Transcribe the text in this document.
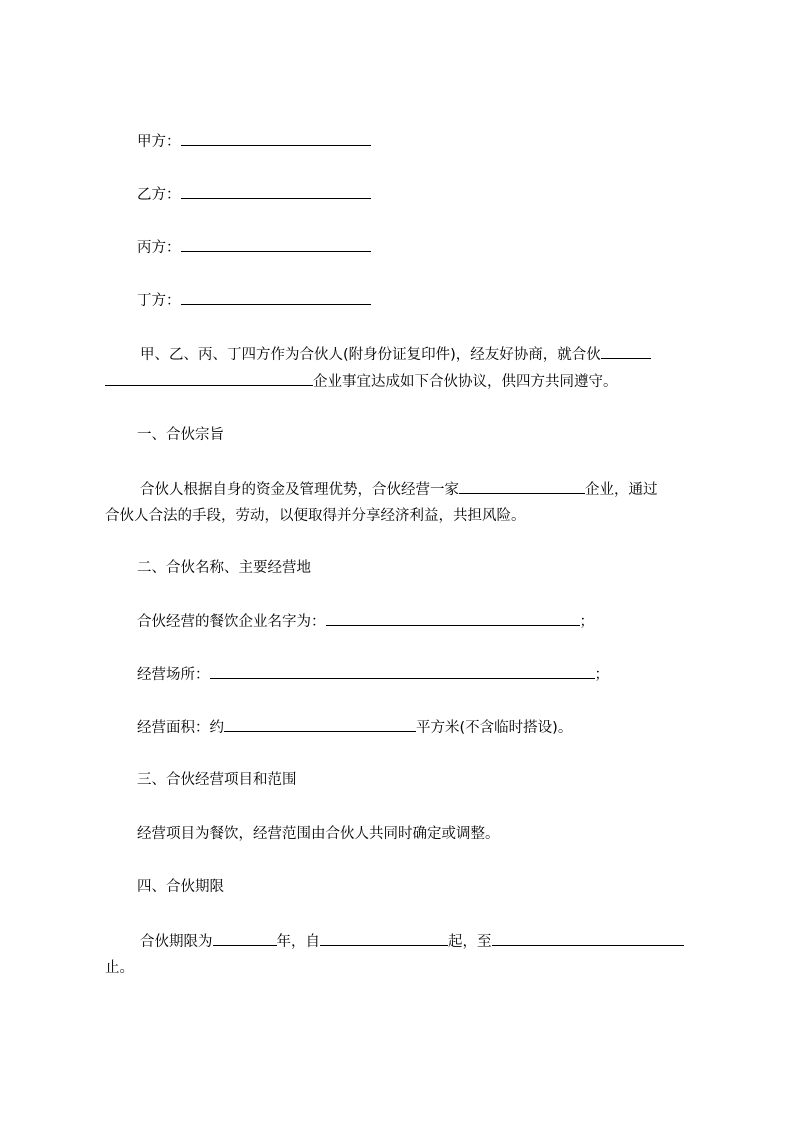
甲方：
乙方：
丙方：
丁方：
甲、乙、丙、丁四方作为合伙人(附身份证复印件)，经友好协商，就合伙
企业事宜达成如下合伙协议，供四方共同遵守。
一、合伙宗旨
合伙人根据自身的资金及管理优势，合伙经营一家	企业，通过
合伙人合法的手段，劳动，以便取得并分享经济利益，共担风险。
二、合伙名称、主要经营地
合伙经营的餐饮企业名字为：	；
经营场所：	；
经营面积：约	平方米(不含临时搭设)。
三、合伙经营项目和范围
经营项目为餐饮，经营范围由合伙人共同时确定或调整。
四、合伙期限
合伙期限为	年，自	起，至
止。
